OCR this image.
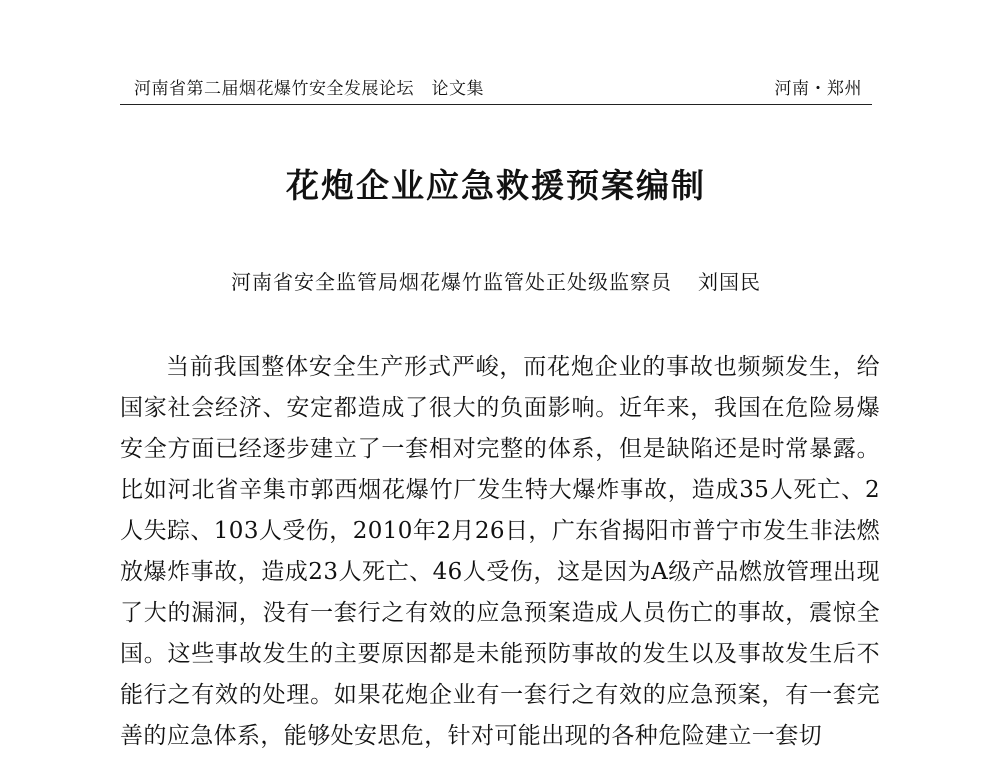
河南省第二届烟花爆竹安全发展论坛　论文集	河南・郑州
花炮企业应急救援预案编制
河南省安全监管局烟花爆竹监管处正处级监察员 刘国民

当前我国整体安全生产形式严峻，而花炮企业的事故也频频发生，给国家社会经济、安定都造成了很大的负面影响。近年来，我国在危险易爆安全方面已经逐步建立了一套相对完整的体系，但是缺陷还是时常暴露。比如河北省辛集市郭西烟花爆竹厂发生特大爆炸事故，造成35人死亡、2人失踪、103人受伤，2010年2月26日，广东省揭阳市普宁市发生非法燃放爆炸事故，造成23人死亡、46人受伤，这是因为A级产品燃放管理出现了大的漏洞，没有一套行之有效的应急预案造成人员伤亡的事故，震惊全国。这些事故发生的主要原因都是未能预防事故的发生以及事故发生后不能行之有效的处理。如果花炮企业有一套行之有效的应急预案，有一套完善的应急体系，能够处安思危，针对可能出现的各种危险建立一套切
